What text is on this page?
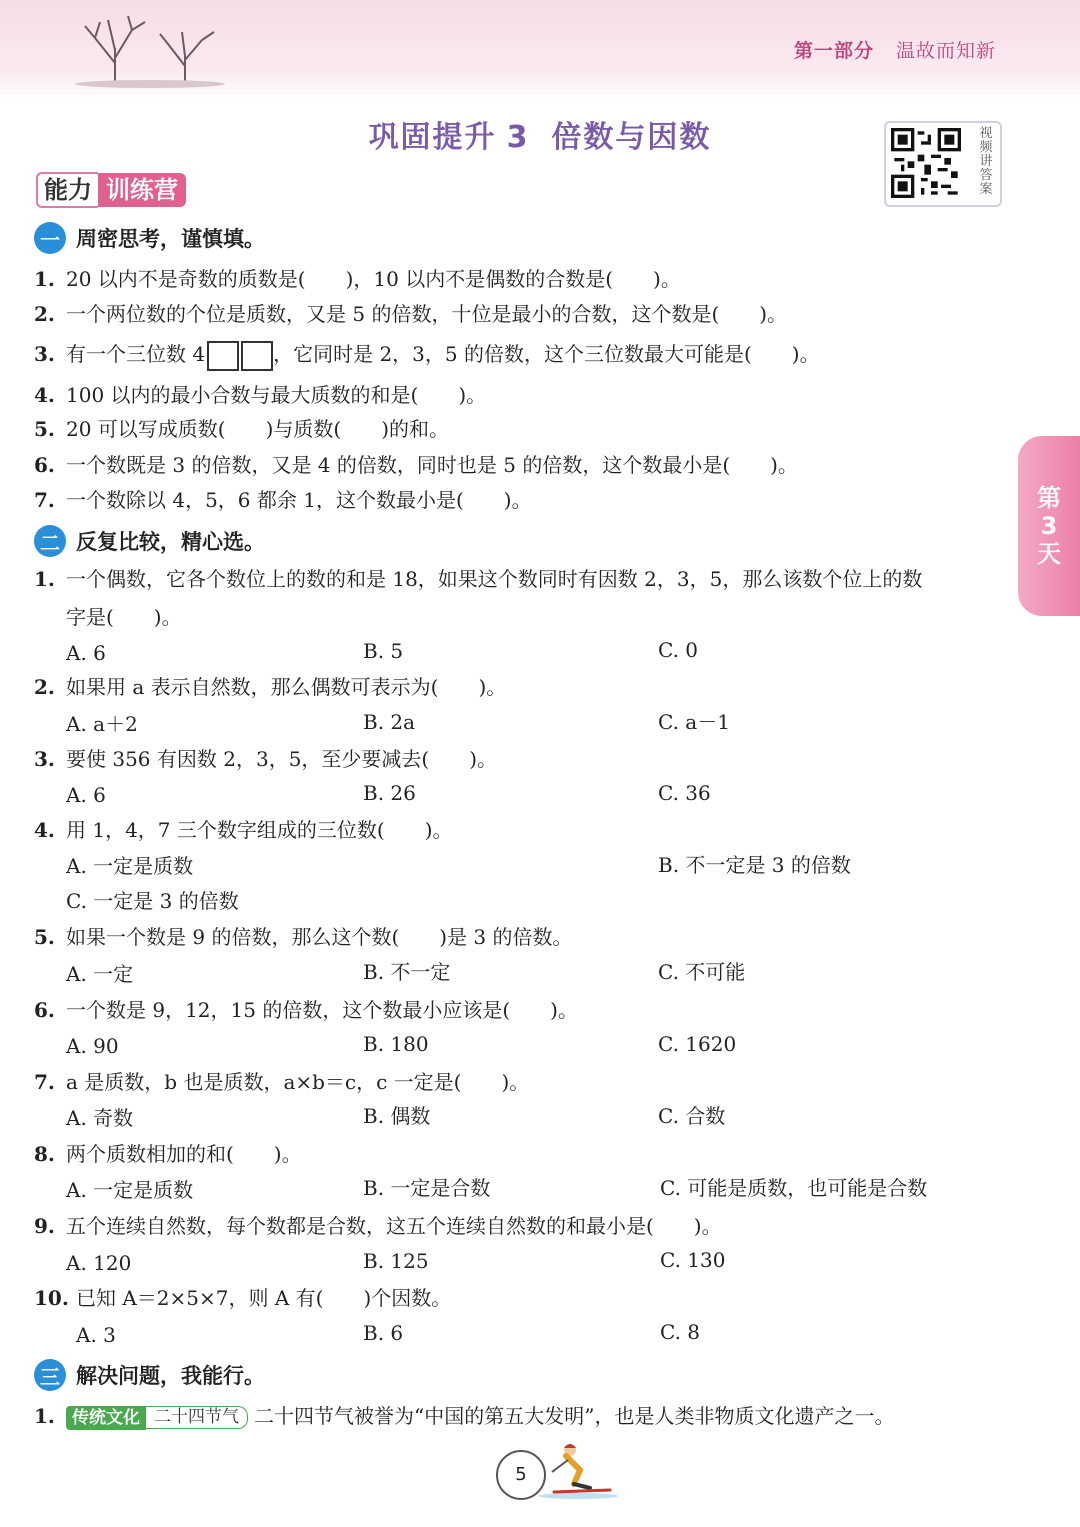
第一部分 温故而知新
巩固提升 3 倍数与因数	视频讲答案
能力 训练营
第
3
天
一 周密思考，谨慎填。
1. 20 以内不是奇数的质数是(　　)，10 以内不是偶数的合数是(　　)。
2. 一个两位数的个位是质数，又是 5 的倍数，十位是最小的合数，这个数是(　　)。
3. 有一个三位数 4	，它同时是 2，3，5 的倍数，这个三位数最大可能是(　　)。
4. 100 以内的最小合数与最大质数的和是(　　)。
5. 20 可以写成质数(　　)与质数(　　)的和。
6. 一个数既是 3 的倍数，又是 4 的倍数，同时也是 5 的倍数，这个数最小是(　　)。
7. 一个数除以 4，5，6 都余 1，这个数最小是(　　)。
二 反复比较，精心选。
1. 一个偶数，它各个数位上的数的和是 18，如果这个数同时有因数 2，3，5，那么该数个位上的数
字是(　　)。
A. 6	B. 5	C. 0
2. 如果用 a 表示自然数，那么偶数可表示为(　　)。
A. a＋2	B. 2a	C. a－1
3. 要使 356 有因数 2，3，5，至少要减去(　　)。
A. 6	B. 26	C. 36
4. 用 1，4，7 三个数字组成的三位数(　　)。
A. 一定是质数	B. 不一定是 3 的倍数
C. 一定是 3 的倍数
5. 如果一个数是 9 的倍数，那么这个数(　　)是 3 的倍数。
A. 一定	B. 不一定	C. 不可能
6. 一个数是 9，12，15 的倍数，这个数最小应该是(　　)。
A. 90	B. 180	C. 1620
7. a 是质数，b 也是质数，a×b＝c，c 一定是(　　)。
A. 奇数	B. 偶数	C. 合数
8. 两个质数相加的和(　　)。
A. 一定是质数	B. 一定是合数	C. 可能是质数，也可能是合数
9. 五个连续自然数，每个数都是合数，这五个连续自然数的和最小是(　　)。
A. 120	B. 125	C. 130
10. 已知 A＝2×5×7，则 A 有(　　)个因数。
A. 3	B. 6	C. 8
三 解决问题，我能行。
1.	传统文化 二十四节气 二十四节气被誉为“中国的第五大发明”，也是人类非物质文化遗产之一。
5
